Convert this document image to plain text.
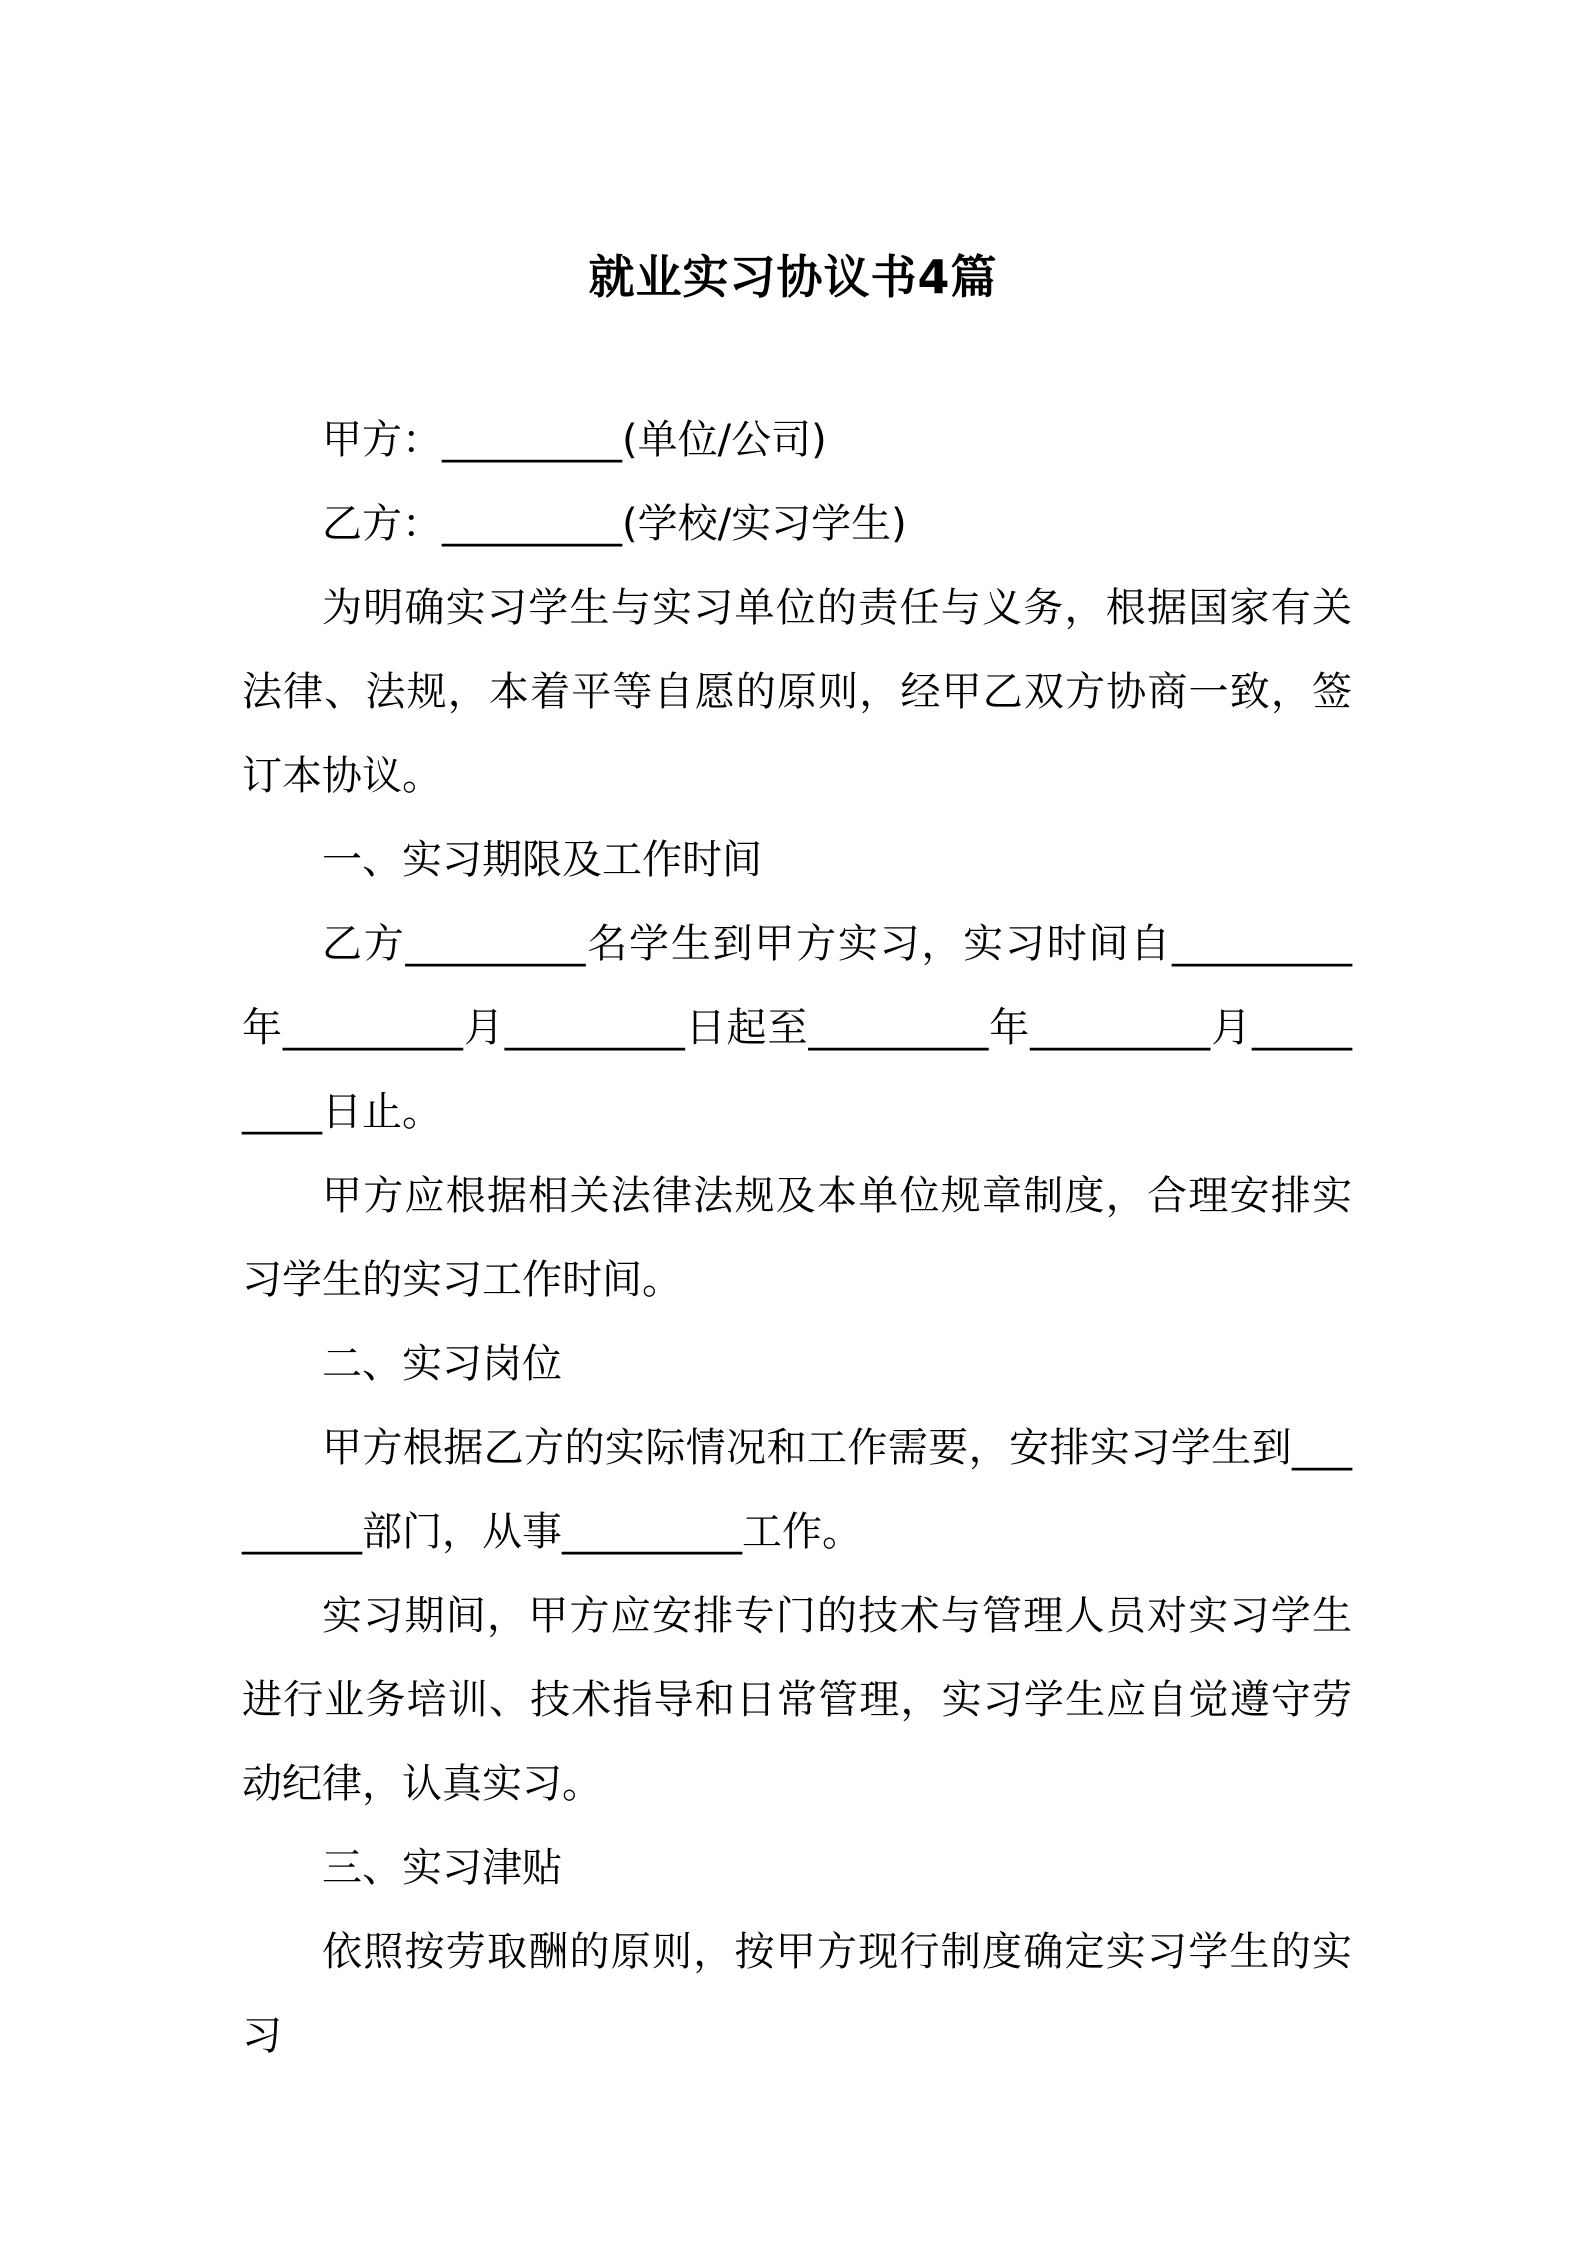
就业实习协议书4篇

甲方：_________(单位/公司)

乙方：_________(学校/实习学生)

为明确实习学生与实习单位的责任与义务，根据国家有关法律、法规，本着平等自愿的原则，经甲乙双方协商一致，签订本协议。

一、实习期限及工作时间

乙方_________名学生到甲方实习，实习时间自_________年_________月_________日起至_________年_________月_________日止。

甲方应根据相关法律法规及本单位规章制度，合理安排实习学生的实习工作时间。

二、实习岗位

甲方根据乙方的实际情况和工作需要，安排实习学生到_________部门，从事_________工作。

实习期间，甲方应安排专门的技术与管理人员对实习学生进行业务培训、技术指导和日常管理，实习学生应自觉遵守劳动纪律，认真实习。

三、实习津贴

依照按劳取酬的原则，按甲方现行制度确定实习学生的实习
